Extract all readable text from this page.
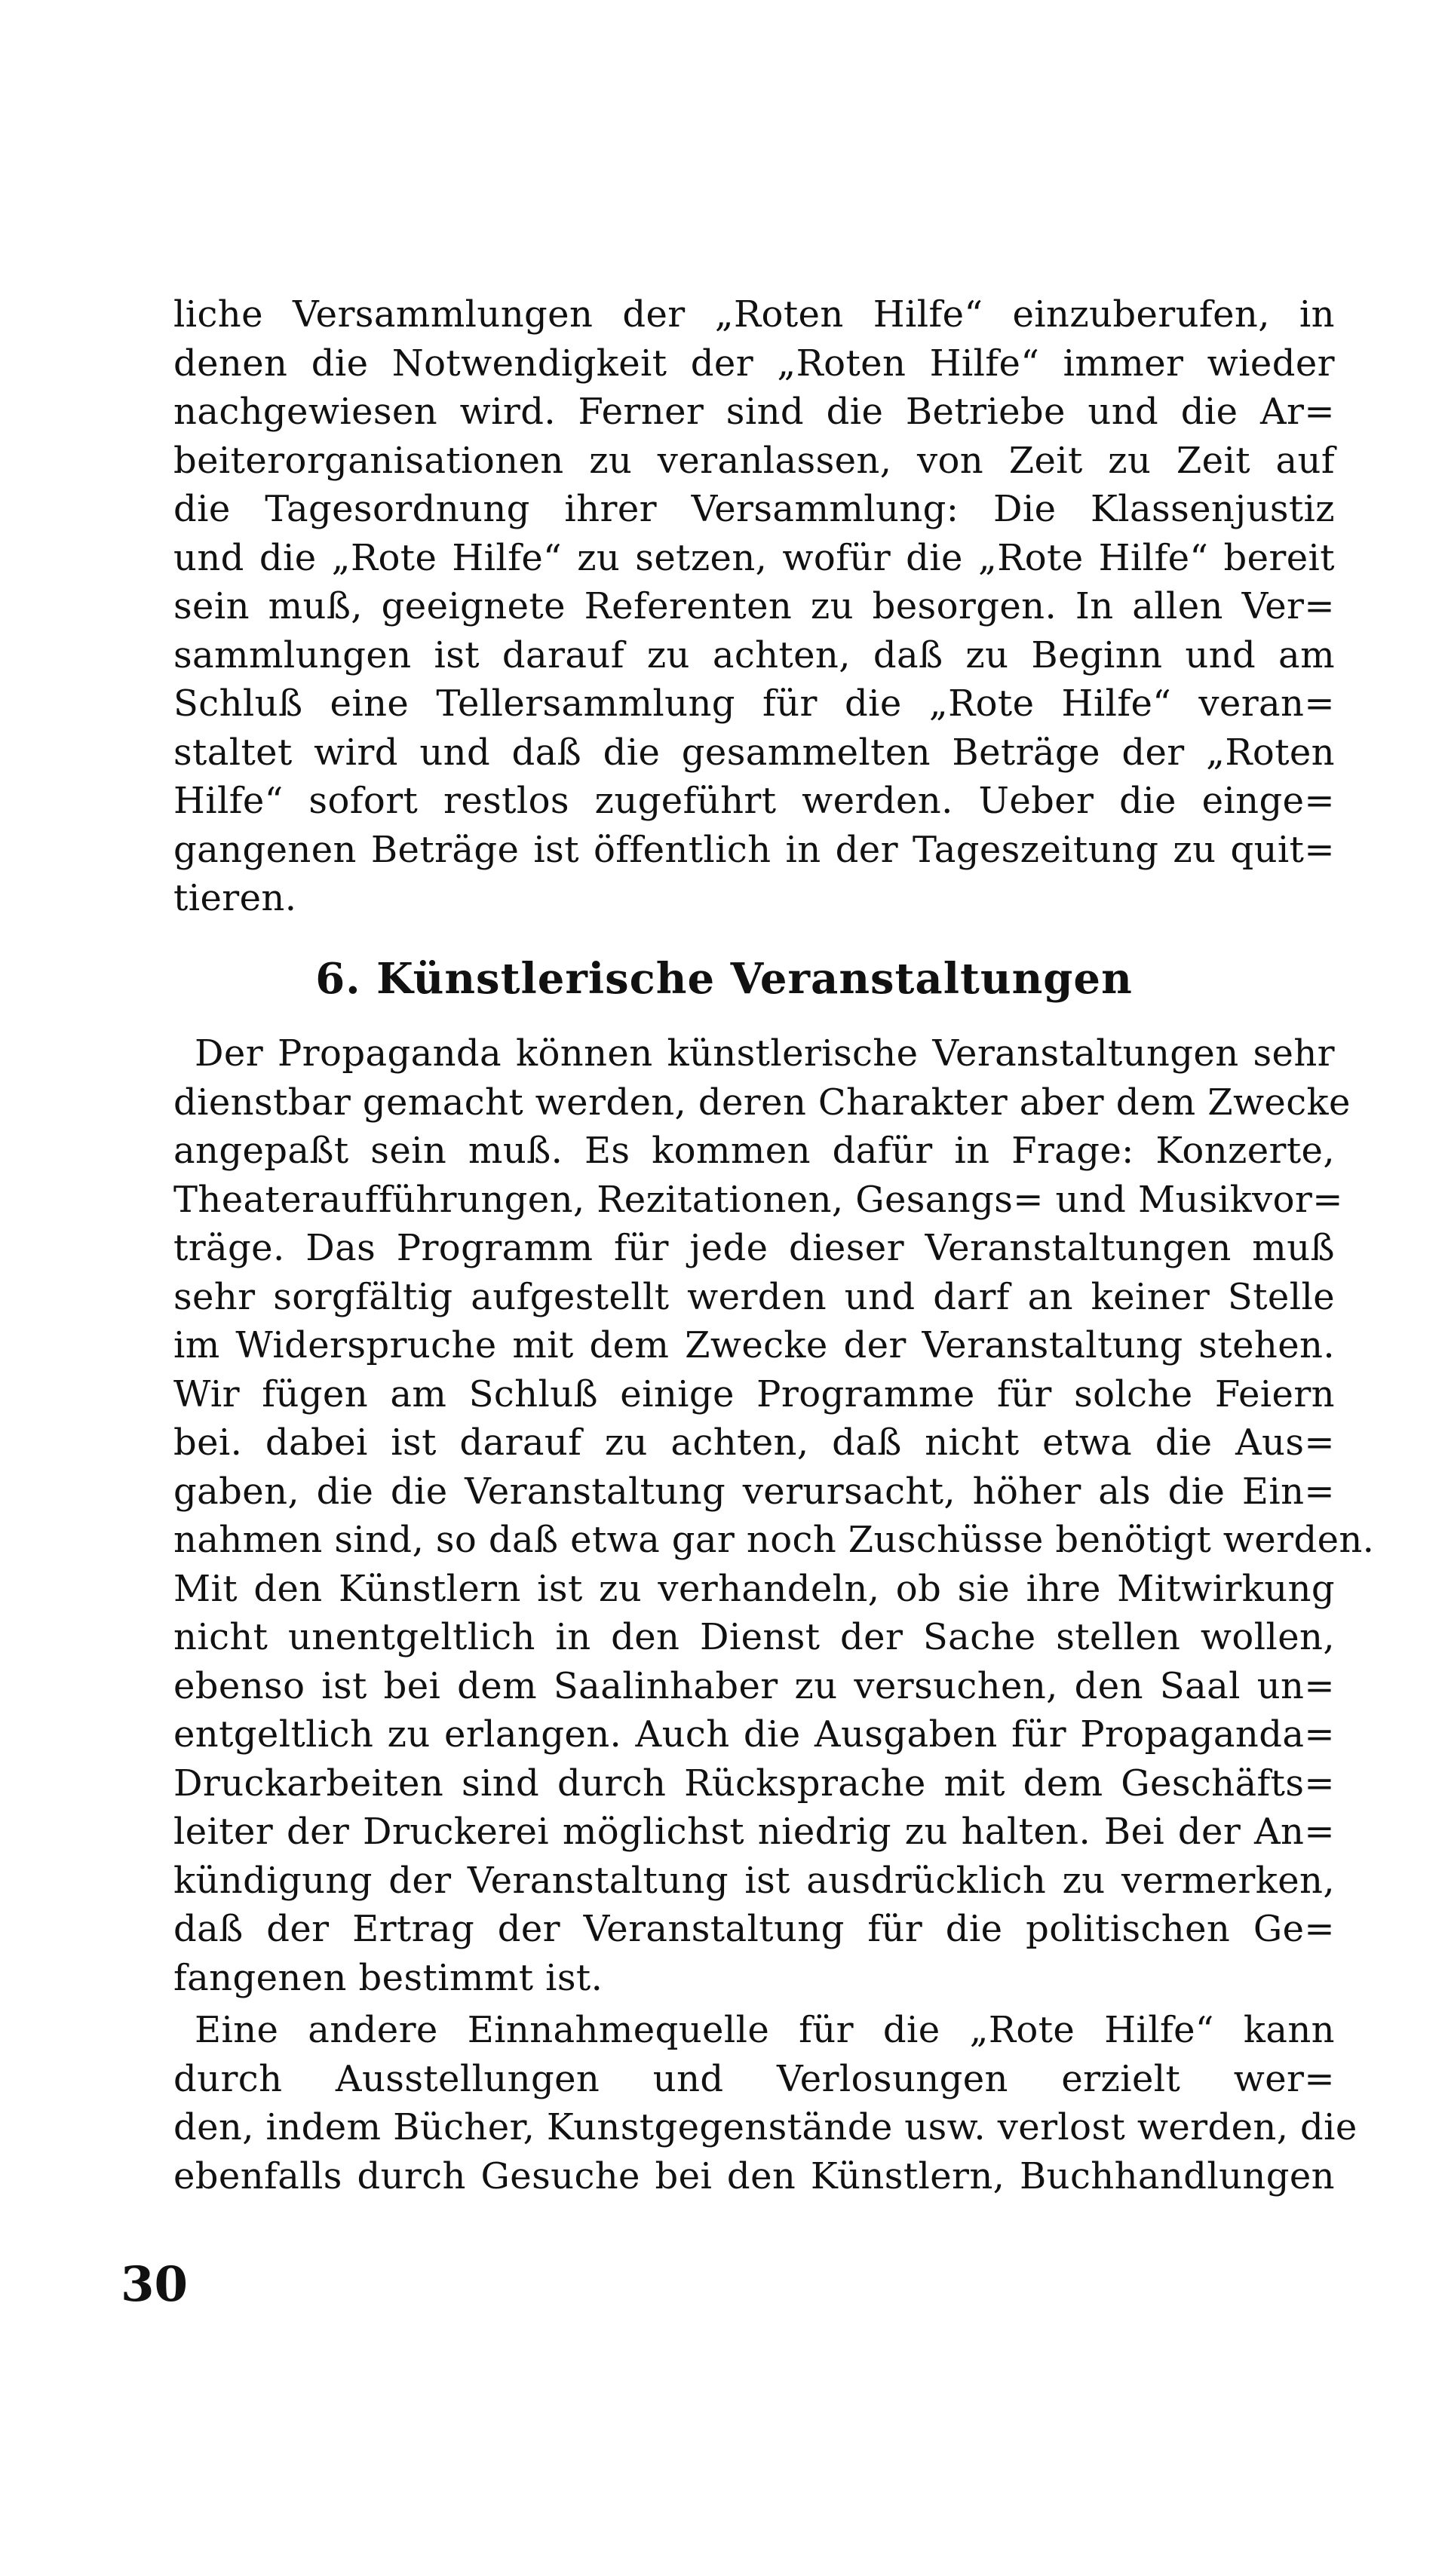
liche Versammlungen der „Roten Hilfe“ einzuberufen, in
denen die Notwendigkeit der „Roten Hilfe“ immer wieder
nachgewiesen wird. Ferner sind die Betriebe und die Ar=
beiterorganisationen zu veranlassen, von Zeit zu Zeit auf
die Tagesordnung ihrer Versammlung: Die Klassenjustiz
und die „Rote Hilfe“ zu setzen, wofür die „Rote Hilfe“ bereit
sein muß, geeignete Referenten zu besorgen. In allen Ver=
sammlungen ist darauf zu achten, daß zu Beginn und am
Schluß eine Tellersammlung für die „Rote Hilfe“ veran=
staltet wird und daß die gesammelten Beträge der „Roten
Hilfe“ sofort restlos zugeführt werden. Ueber die einge=
gangenen Beträge ist öffentlich in der Tageszeitung zu quit=
tieren.
6. Künstlerische Veranstaltungen
Der Propaganda können künstlerische Veranstaltungen sehr
dienstbar gemacht werden, deren Charakter aber dem Zwecke
angepaßt sein muß. Es kommen dafür in Frage: Konzerte,
Theateraufführungen, Rezitationen, Gesangs= und Musikvor=
träge. Das Programm für jede dieser Veranstaltungen muß
sehr sorgfältig aufgestellt werden und darf an keiner Stelle
im Widerspruche mit dem Zwecke der Veranstaltung stehen.
Wir fügen am Schluß einige Programme für solche Feiern
bei. dabei ist darauf zu achten, daß nicht etwa die Aus=
gaben, die die Veranstaltung verursacht, höher als die Ein=
nahmen sind, so daß etwa gar noch Zuschüsse benötigt werden.
Mit den Künstlern ist zu verhandeln, ob sie ihre Mitwirkung
nicht unentgeltlich in den Dienst der Sache stellen wollen,
ebenso ist bei dem Saalinhaber zu versuchen, den Saal un=
entgeltlich zu erlangen. Auch die Ausgaben für Propaganda=
Druckarbeiten sind durch Rücksprache mit dem Geschäfts=
leiter der Druckerei möglichst niedrig zu halten. Bei der An=
kündigung der Veranstaltung ist ausdrücklich zu vermerken,
daß der Ertrag der Veranstaltung für die politischen Ge=
fangenen bestimmt ist.
Eine andere Einnahmequelle für die „Rote Hilfe“ kann
durch Ausstellungen und Verlosungen erzielt wer=
den, indem Bücher, Kunstgegenstände usw. verlost werden, die
ebenfalls durch Gesuche bei den Künstlern, Buchhandlungen
30
